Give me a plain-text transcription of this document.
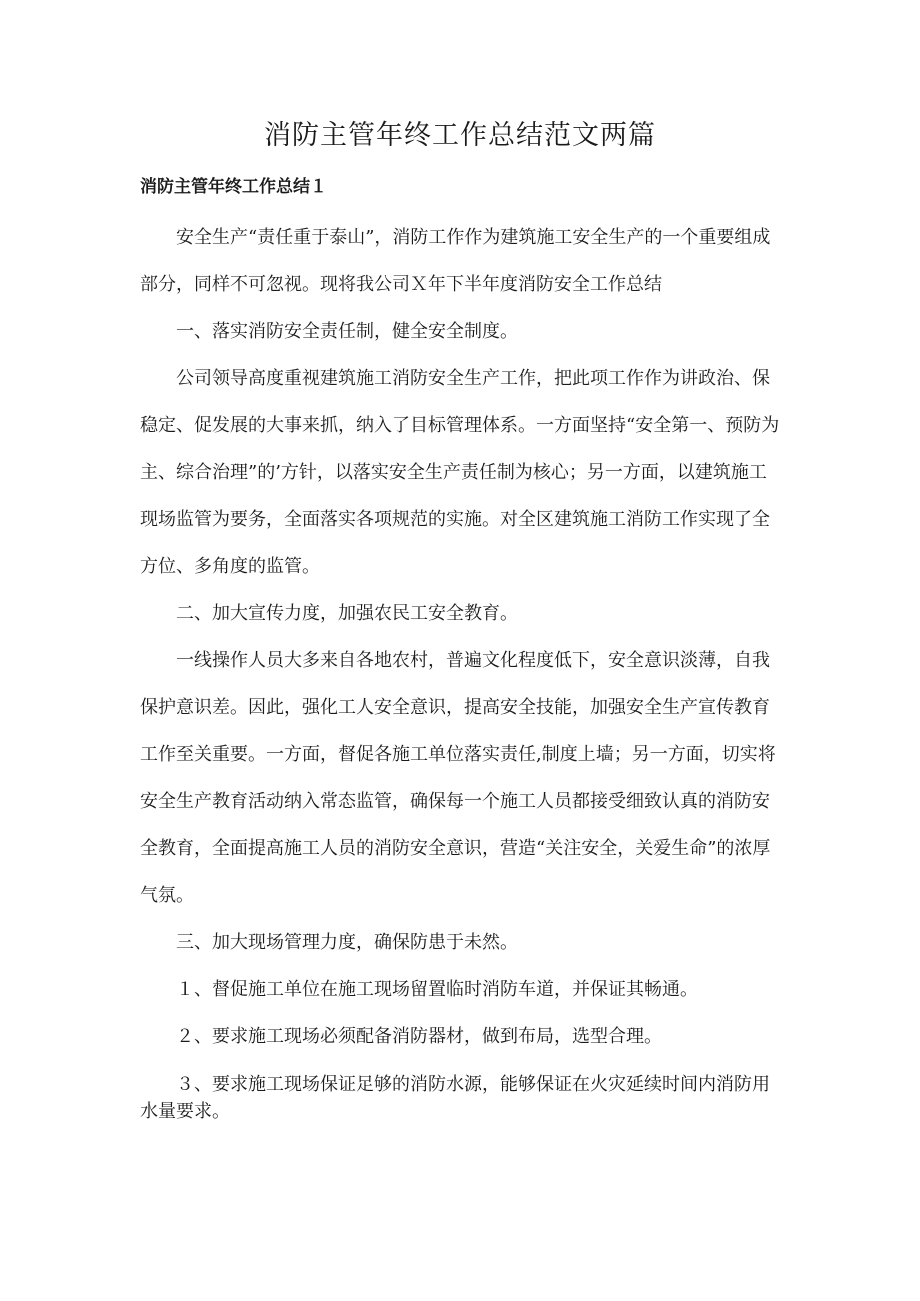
消防主管年终工作总结范文两篇
消防主管年终工作总结１

安全生产“责任重于泰山”，消防工作作为建筑施工安全生产的一个重要组成部分，同样不可忽视。现将我公司Ｘ年下半年度消防安全工作总结

一、落实消防安全责任制，健全安全制度。

公司领导高度重视建筑施工消防安全生产工作，把此项工作作为讲政治、保稳定、促发展的大事来抓，纳入了目标管理体系。一方面坚持“安全第一、预防为主、综合治理”的’方针，以落实安全生产责任制为核心；另一方面，以建筑施工现场监管为要务，全面落实各项规范的实施。对全区建筑施工消防工作实现了全方位、多角度的监管。

二、加大宣传力度，加强农民工安全教育。

一线操作人员大多来自各地农村，普遍文化程度低下，安全意识淡薄，自我保护意识差。因此，强化工人安全意识，提高安全技能，加强安全生产宣传教育工作至关重要。一方面，督促各施工单位落实责任,制度上墙；另一方面，切实将安全生产教育活动纳入常态监管，确保每一个施工人员都接受细致认真的消防安全教育，全面提高施工人员的消防安全意识，营造“关注安全，关爱生命”的浓厚气氛。

三、加大现场管理力度，确保防患于未然。

１、督促施工单位在施工现场留置临时消防车道，并保证其畅通。

２、要求施工现场必须配备消防器材，做到布局，选型合理。

３、要求施工现场保证足够的消防水源，能够保证在火灾延续时间内消防用水量要求。
